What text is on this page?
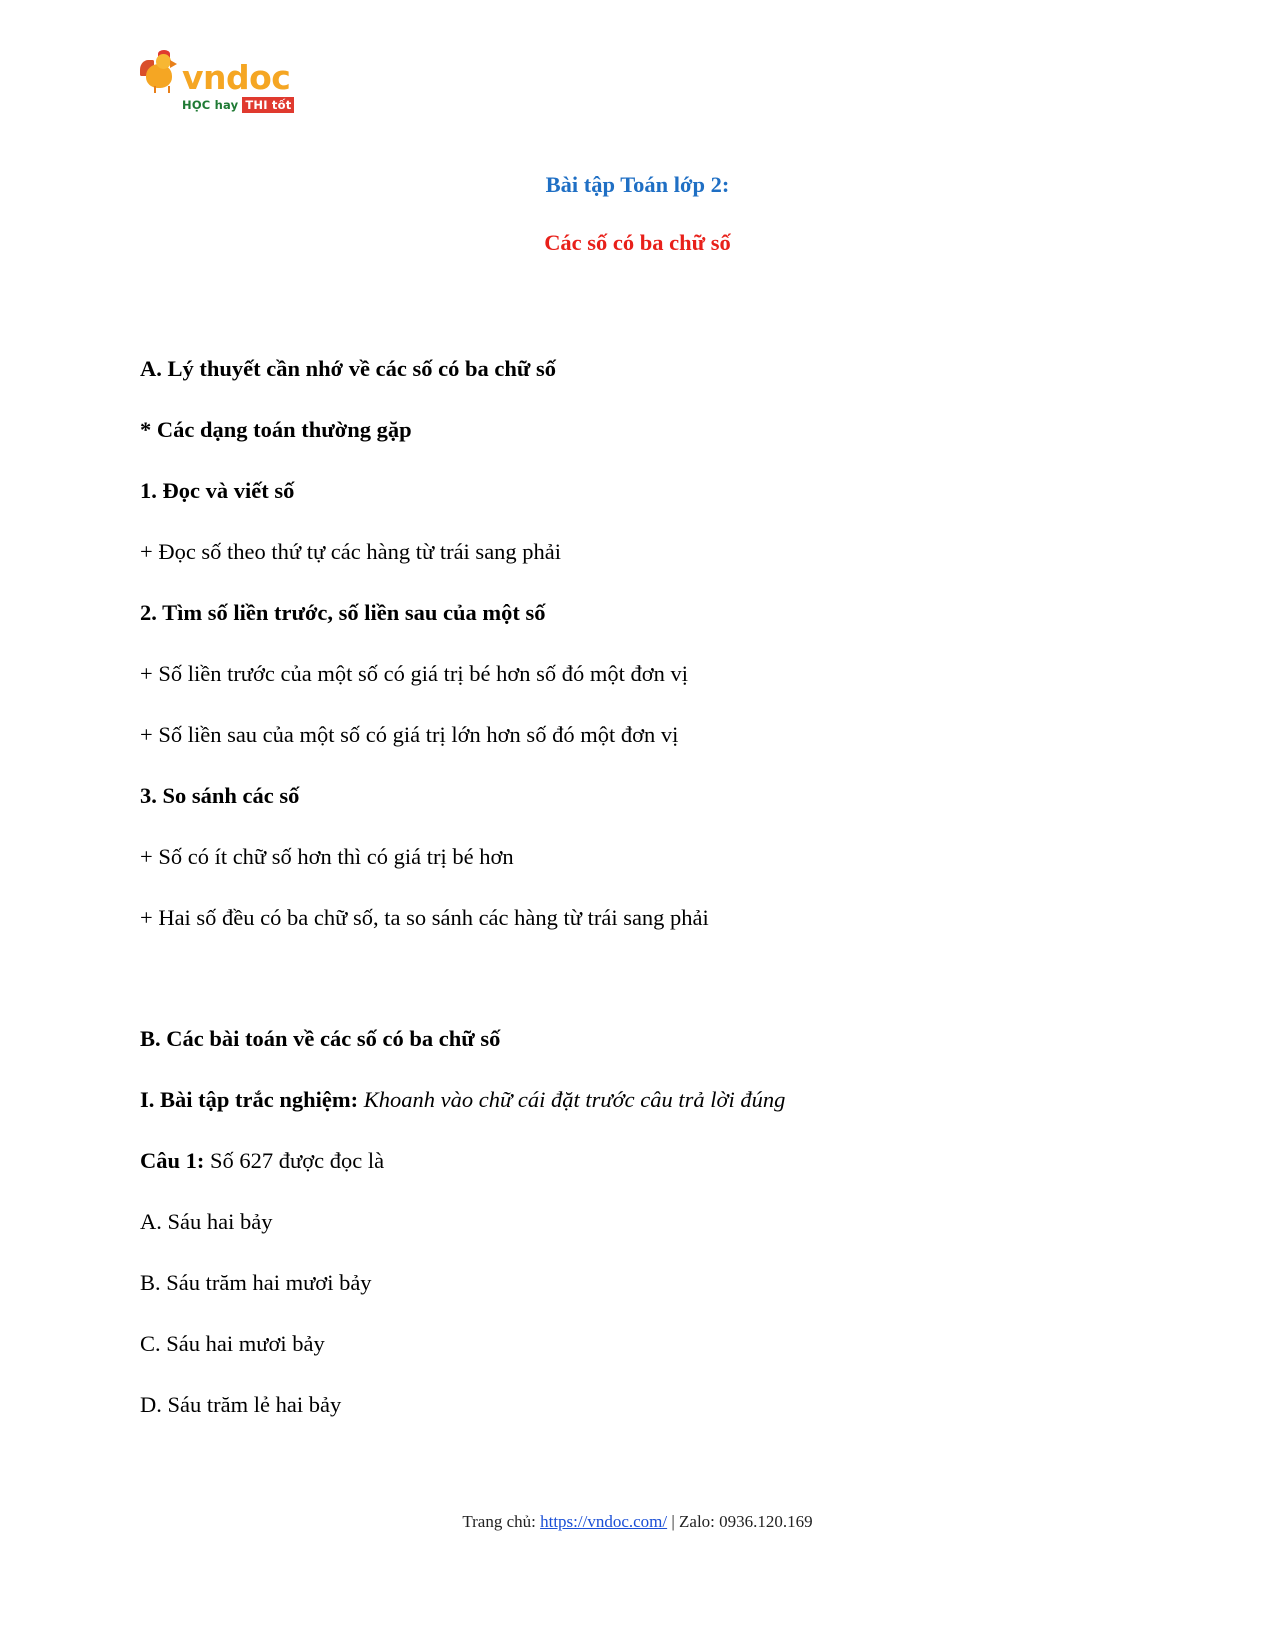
vndoc
HỌC hay THI tốt
Bài tập Toán lớp 2:
Các số có ba chữ số

A. Lý thuyết cần nhớ về các số có ba chữ số

* Các dạng toán thường gặp

1. Đọc và viết số

+ Đọc số theo thứ tự các hàng từ trái sang phải

2. Tìm số liền trước, số liền sau của một số

+ Số liền trước của một số có giá trị bé hơn số đó một đơn vị

+ Số liền sau của một số có giá trị lớn hơn số đó một đơn vị

3. So sánh các số

+ Số có ít chữ số hơn thì có giá trị bé hơn

+ Hai số đều có ba chữ số, ta so sánh các hàng từ trái sang phải

B. Các bài toán về các số có ba chữ số

I. Bài tập trắc nghiệm: Khoanh vào chữ cái đặt trước câu trả lời đúng

Câu 1: Số 627 được đọc là

A. Sáu hai bảy

B. Sáu trăm hai mươi bảy

C. Sáu hai mươi bảy

D. Sáu trăm lẻ hai bảy

Trang chủ: https://vndoc.com/ | Zalo: 0936.120.169
